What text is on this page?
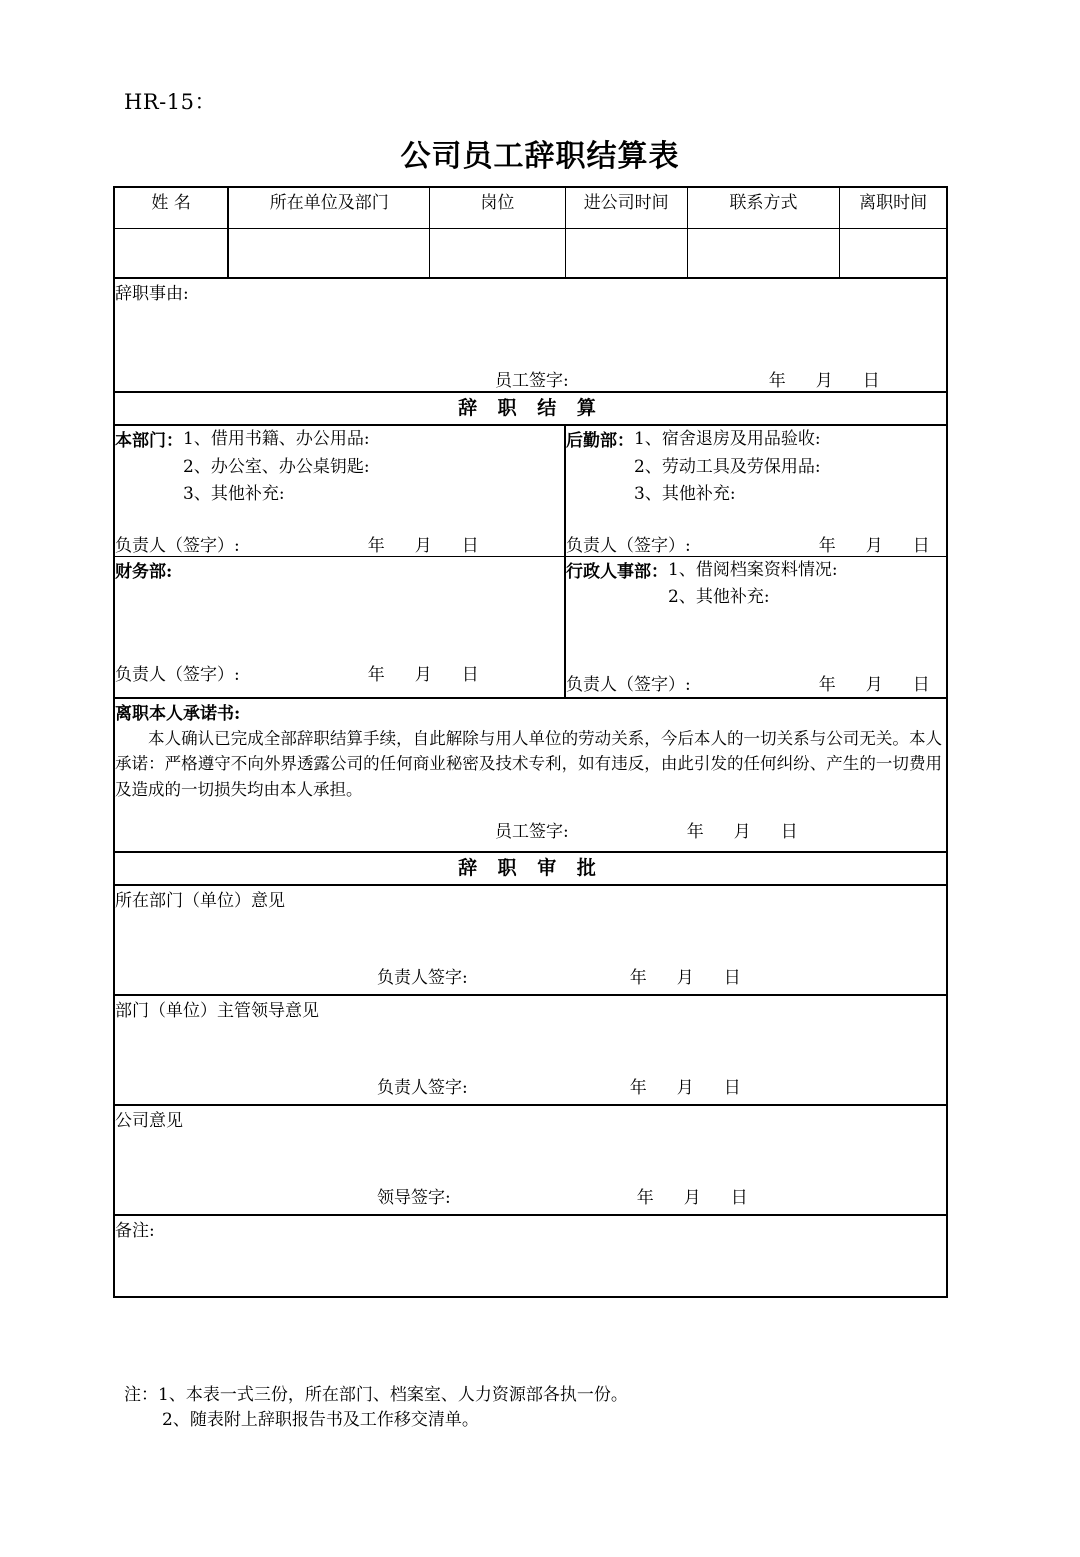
HR-15：
公司员工辞职结算表
姓 名	所在单位及部门	岗位	进公司时间	联系方式	离职时间

辞职事由:
员工签字: 年 月 日					

辞 职 结 算					

本部门： 1、借用书籍、办公用品:
2、办公室、办公桌钥匙:
3、其他补充:
负责人（签字）:	年 月 日

后勤部： 1、宿舍退房及用品验收:
2、劳动工具及劳保用品:
3、其他补充:
负责人（签字）:	年 月 日

财务部:
负责人（签字）:	年 月 日

行政人事部： 1、借阅档案资料情况:
2、其他补充:
负责人（签字）:	年 月 日

离职本人承诺书:
本人确认已完成全部辞职结算手续，自此解除与用人单位的劳动关系，今后本人的一切关系与公司无关。本人承诺：严格遵守不向外界透露公司的任何商业秘密及技术专利，如有违反，由此引发的任何纠纷、产生的一切费用及造成的一切损失均由本人承担。
员工签字: 年 月 日					

辞 职 审 批					

所在部门（单位）意见
负责人签字: 年 月 日					

部门（单位）主管领导意见
负责人签字: 年 月 日					

公司意见
领导签字: 年 月 日					

备注:					
注：1、本表一式三份，所在部门、档案室、人力资源部各执一份。
2、随表附上辞职报告书及工作移交清单。
